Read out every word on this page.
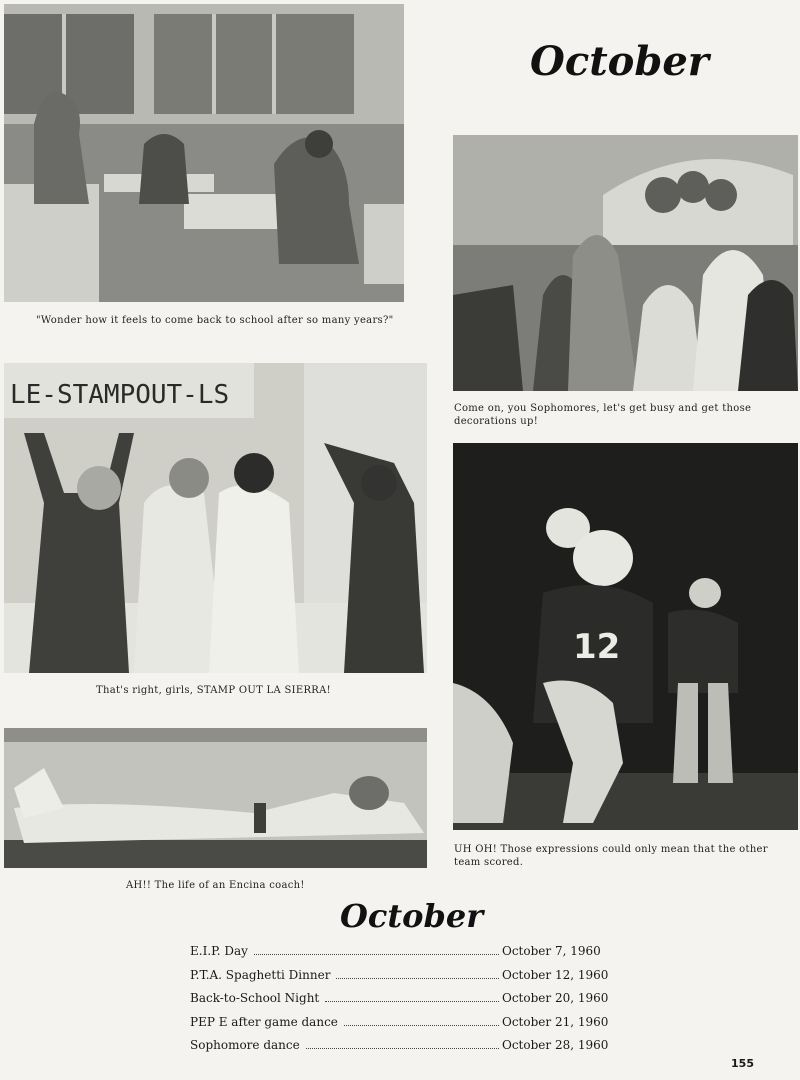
October
"Wonder how it feels to come back to school after so many years?"
Come on, you Sophomores, let's get busy and get those decorations up!
LE-STAMPOUT-LS
That's right, girls, STAMP OUT LA SIERRA!
12
UH OH! Those expressions could only mean that the other team scored.
AH!! The life of an Encina coach!
October
E.I.P. Day	October 7, 1960
P.T.A. Spaghetti Dinner	October 12, 1960
Back-to-School Night	October 20, 1960
PEP E after game dance	October 21, 1960
Sophomore dance	October 28, 1960
155
